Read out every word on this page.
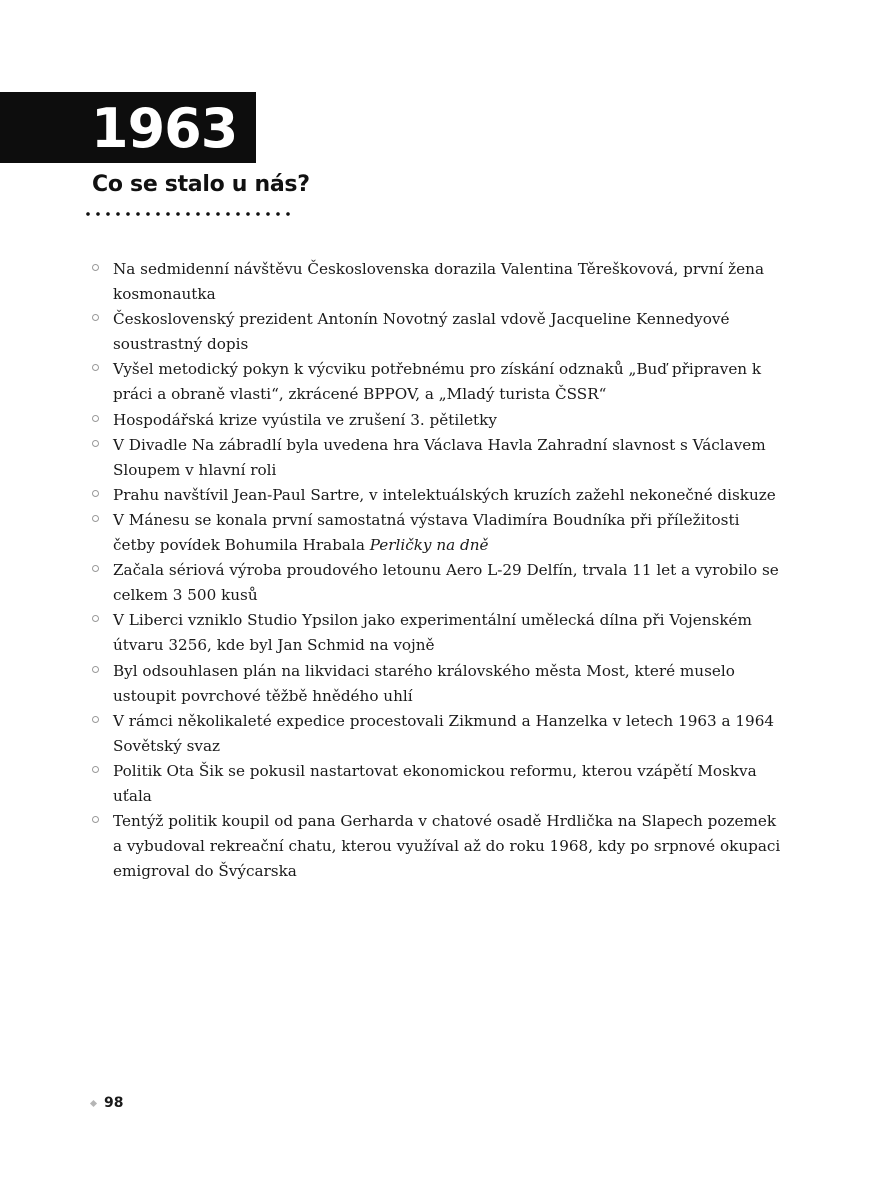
1963
Co se stalo u nás?
Na sedmidenní návštěvu Československa dorazila Valentina Těreškovová, první žena kosmonautka
Československý prezident Antonín Novotný zaslal vdově Jacqueline Kennedyové soustrastný dopis
Vyšel metodický pokyn k výcviku potřebnému pro získání odznaků „Buď připraven k práci a obraně vlasti“, zkrácené BPPOV, a „Mladý turista ČSSR“
Hospodářská krize vyústila ve zrušení 3. pětiletky
V Divadle Na zábradlí byla uvedena hra Václava Havla Zahradní slavnost s Václavem Sloupem v hlavní roli
Prahu navštívil Jean-Paul Sartre, v intelektuálských kruzích zažehl nekonečné diskuze
V Mánesu se konala první samostatná výstava Vladimíra Boudníka při příležitosti četby povídek Bohumila Hrabala Perličky na dně
Začala sériová výroba proudového letounu Aero L-29 Delfín, trvala 11 let a vyrobilo se celkem 3 500 kusů
V Liberci vzniklo Studio Ypsilon jako experimentální umělecká dílna při Vojenském útvaru 3256, kde byl Jan Schmid na vojně
Byl odsouhlasen plán na likvidaci starého královského města Most, které muselo ustoupit povrchové těžbě hnědého uhlí
V rámci několikaleté expedice procestovali Zikmund a Hanzelka v letech 1963 a 1964 Sovětský svaz
Politik Ota Šik se pokusil nastartovat ekonomickou reformu, kterou vzápětí Moskva uťala
Tentýž politik koupil od pana Gerharda v chatové osadě Hrdlička na Slapech pozemek a vybudoval rekreační chatu, kterou využíval až do roku 1968, kdy po srpnové okupaci emigroval do Švýcarska
98
